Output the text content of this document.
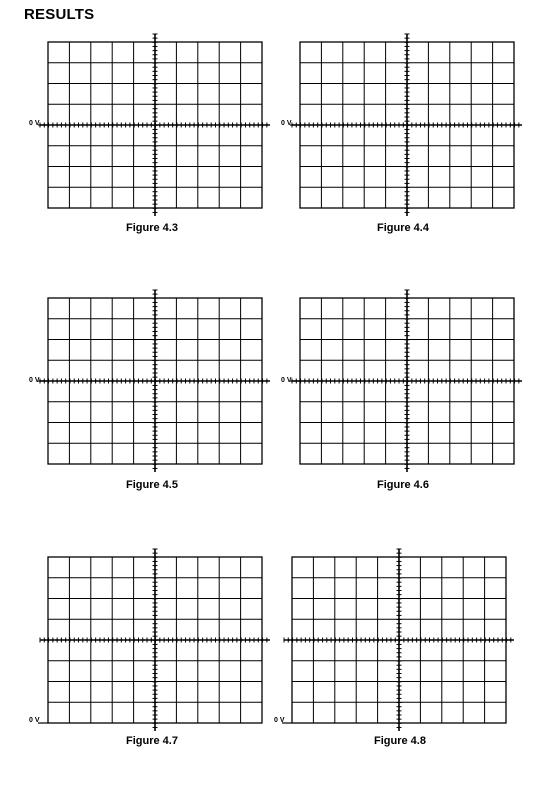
RESULTS
0 V
Figure 4.3
0 V
Figure 4.4
0 V
Figure 4.5
0 V
Figure 4.6
0 V
Figure 4.7
0 V
Figure 4.8
